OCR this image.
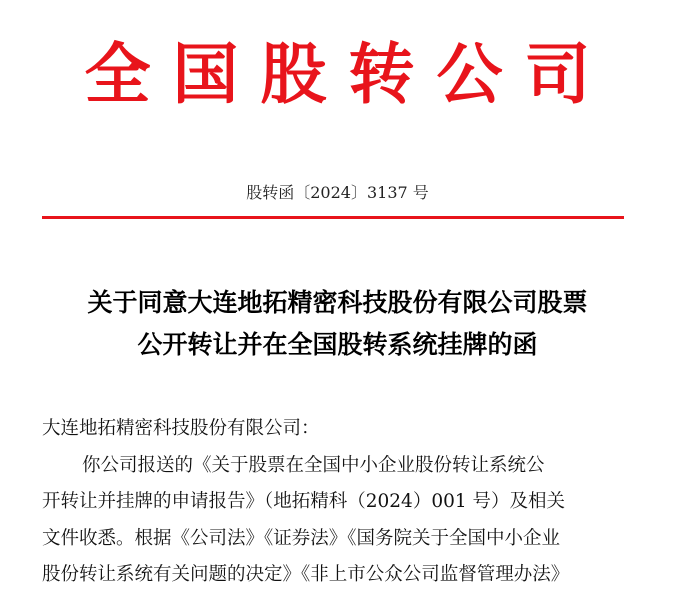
全国股转公司
股转函〔2024〕3137 号
关于同意大连地拓精密科技股份有限公司股票
公开转让并在全国股转系统挂牌的函
大连地拓精密科技股份有限公司：
你公司报送的《关于股票在全国中小企业股份转让系统公
开转让并挂牌的申请报告》（地拓精科（2024）001 号）及相关
文件收悉。根据《公司法》《证券法》《国务院关于全国中小企业
股份转让系统有关问题的决定》《非上市公众公司监督管理办法》
